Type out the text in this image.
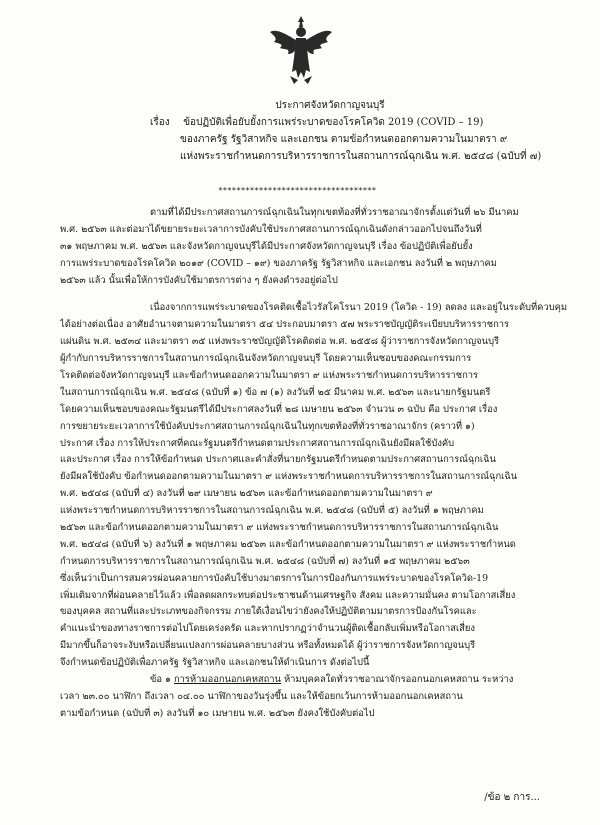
ประกาศจังหวัดกาญจนบุรี
เรื่อง ข้อปฏิบัติเพื่อยับยั้งการแพร่ระบาดของโรคโควิด 2019 (COVID – 19)
ของภาครัฐ รัฐวิสาหกิจ และเอกชน ตามข้อกำหนดออกตามความในมาตรา ๙
แห่งพระราชกำหนดการบริหารราชการในสถานการณ์ฉุกเฉิน พ.ศ. ๒๕๔๘ (ฉบับที่ ๗)
***********************************
ตามที่ได้มีประกาศสถานการณ์ฉุกเฉินในทุกเขตท้องที่ทั่วราชอาณาจักรตั้งแต่วันที่ ๒๖ มีนาคม
พ.ศ. ๒๕๖๓ และต่อมาได้ขยายระยะเวลาการบังคับใช้ประกาศสถานการณ์ฉุกเฉินดังกล่าวออกไปจนถึงวันที่
๓๑ พฤษภาคม พ.ศ. ๒๕๖๓ และจังหวัดกาญจนบุรีได้มีประกาศจังหวัดกาญจนบุรี เรื่อง ข้อปฏิบัติเพื่อยับยั้ง
การแพร่ระบาดของโรคโควิด ๒๐๑๙ (COVID – ๑๙) ของภาครัฐ รัฐวิสาหกิจ และเอกชน ลงวันที่ ๒ พฤษภาคม
๒๕๖๓ แล้ว นั้นเพื่อให้การบังคับใช้มาตรการต่าง ๆ ยังคงดำรงอยู่ต่อไป
เนื่องจากการแพร่ระบาดของโรคติดเชื้อไวรัสโคโรนา 2019 (โควิด - 19) ลดลง และอยู่ในระดับที่ควบคุม
ได้อย่างต่อเนื่อง อาศัยอำนาจตามความในมาตรา ๕๔ ประกอบมาตรา ๕๗ พระราชบัญญัติระเบียบบริหารราชการ
แผ่นดิน พ.ศ. ๒๕๓๔ และมาตรา ๓๕ แห่งพระราชบัญญัติโรคติดต่อ พ.ศ. ๒๕๕๘ ผู้ว่าราชการจังหวัดกาญจนบุรี
ผู้กำกับการบริหารราชการในสถานการณ์ฉุกเฉินจังหวัดกาญจนบุรี โดยความเห็นชอบของคณะกรรมการ
โรคติดต่อจังหวัดกาญจนบุรี และข้อกำหนดออกความในมาตรา ๙ แห่งพระราชกำหนดการบริหารราชการ
ในสถานการณ์ฉุกเฉิน พ.ศ. ๒๕๔๘ (ฉบับที่ ๑) ข้อ ๗ (๑) ลงวันที่ ๒๕ มีนาคม พ.ศ. ๒๕๖๓ และนายกรัฐมนตรี
โดยความเห็นชอบของคณะรัฐมนตรีได้มีประกาศลงวันที่ ๒๘ เมษายน ๒๕๖๓ จำนวน ๓ ฉบับ คือ ประกาศ เรื่อง
การขยายระยะเวลาการใช้บังคับประกาศสถานการณ์ฉุกเฉินในทุกเขตท้องที่ทั่วราชอาณาจักร (คราวที่ ๑)
ประกาศ เรื่อง การให้ประกาศที่คณะรัฐมนตรีกำหนดตามประกาศสถานการณ์ฉุกเฉินยังมีผลใช้บังคับ
และประกาศ เรื่อง การให้ข้อกำหนด ประกาศและคำสั่งที่นายกรัฐมนตรีกำหนดตามประกาศสถานการณ์ฉุกเฉิน
ยังมีผลใช้บังคับ ข้อกำหนดออกตามความในมาตรา ๙ แห่งพระราชกำหนดการบริหารราชการในสถานการณ์ฉุกเฉิน
พ.ศ. ๒๕๔๘ (ฉบับที่ ๔) ลงวันที่ ๒๙ เมษายน ๒๕๖๓ และข้อกำหนดออกตามความในมาตรา ๙
แห่งพระราชกำหนดการบริหารราชการในสถานการณ์ฉุกเฉิน พ.ศ. ๒๕๔๘ (ฉบับที่ ๕) ลงวันที่ ๑ พฤษภาคม
๒๕๖๓ และข้อกำหนดออกตามความในมาตรา ๙ แห่งพระราชกำหนดการบริหารราชการในสถานการณ์ฉุกเฉิน
พ.ศ. ๒๕๔๘ (ฉบับที่ ๖) ลงวันที่ ๑ พฤษภาคม ๒๕๖๓ และข้อกำหนดออกตามความในมาตรา ๙ แห่งพระราชกำหนด
กำหนดการบริหารราชการในสถานการณ์ฉุกเฉิน พ.ศ. ๒๕๔๘ (ฉบับที่ ๗) ลงวันที่ ๑๕ พฤษภาคม ๒๕๖๓
ซึ่งเห็นว่าเป็นการสมควรผ่อนคลายการบังคับใช้บางมาตรการในการป้องกันการแพร่ระบาดของโรคโควิด-19
เพิ่มเติมจากที่ผ่อนคลายไว้แล้ว เพื่อลดผลกระทบต่อประชาชนด้านเศรษฐกิจ สังคม และความมั่นคง ตามโอกาสเสี่ยง
ของบุคคล สถานที่และประเภทของกิจกรรม ภายใต้เงื่อนไขว่ายังคงให้ปฏิบัติตามมาตรการป้องกันโรคและ
คำแนะนำของทางราชการต่อไปโดยเคร่งครัด และหากปรากฏว่าจำนวนผู้ติดเชื้อกลับเพิ่มหรือโอกาสเสี่ยง
มีมากขึ้นก็อาจระงับหรือเปลี่ยนแปลงการผ่อนคลายบางส่วน หรือทั้งหมดได้ ผู้ว่าราชการจังหวัดกาญจนบุรี
จึงกำหนดข้อปฏิบัติเพื่อภาครัฐ รัฐวิสาหกิจ และเอกชนให้ดำเนินการ ดังต่อไปนี้
ข้อ ๑ การห้ามออกนอกเคหสถาน ห้ามบุคคลใดทั่วราชอาณาจักรออกนอกเคหสถาน ระหว่าง
เวลา ๒๓.๐๐ นาฬิกา ถึงเวลา ๐๔.๐๐ นาฬิกาของวันรุ่งขึ้น และให้ข้อยกเว้นการห้ามออกนอกเคหสถาน
ตามข้อกำหนด (ฉบับที่ ๓) ลงวันที่ ๑๐ เมษายน พ.ศ. ๒๕๖๓ ยังคงใช้บังคับต่อไป
/ข้อ ๒ การ...
